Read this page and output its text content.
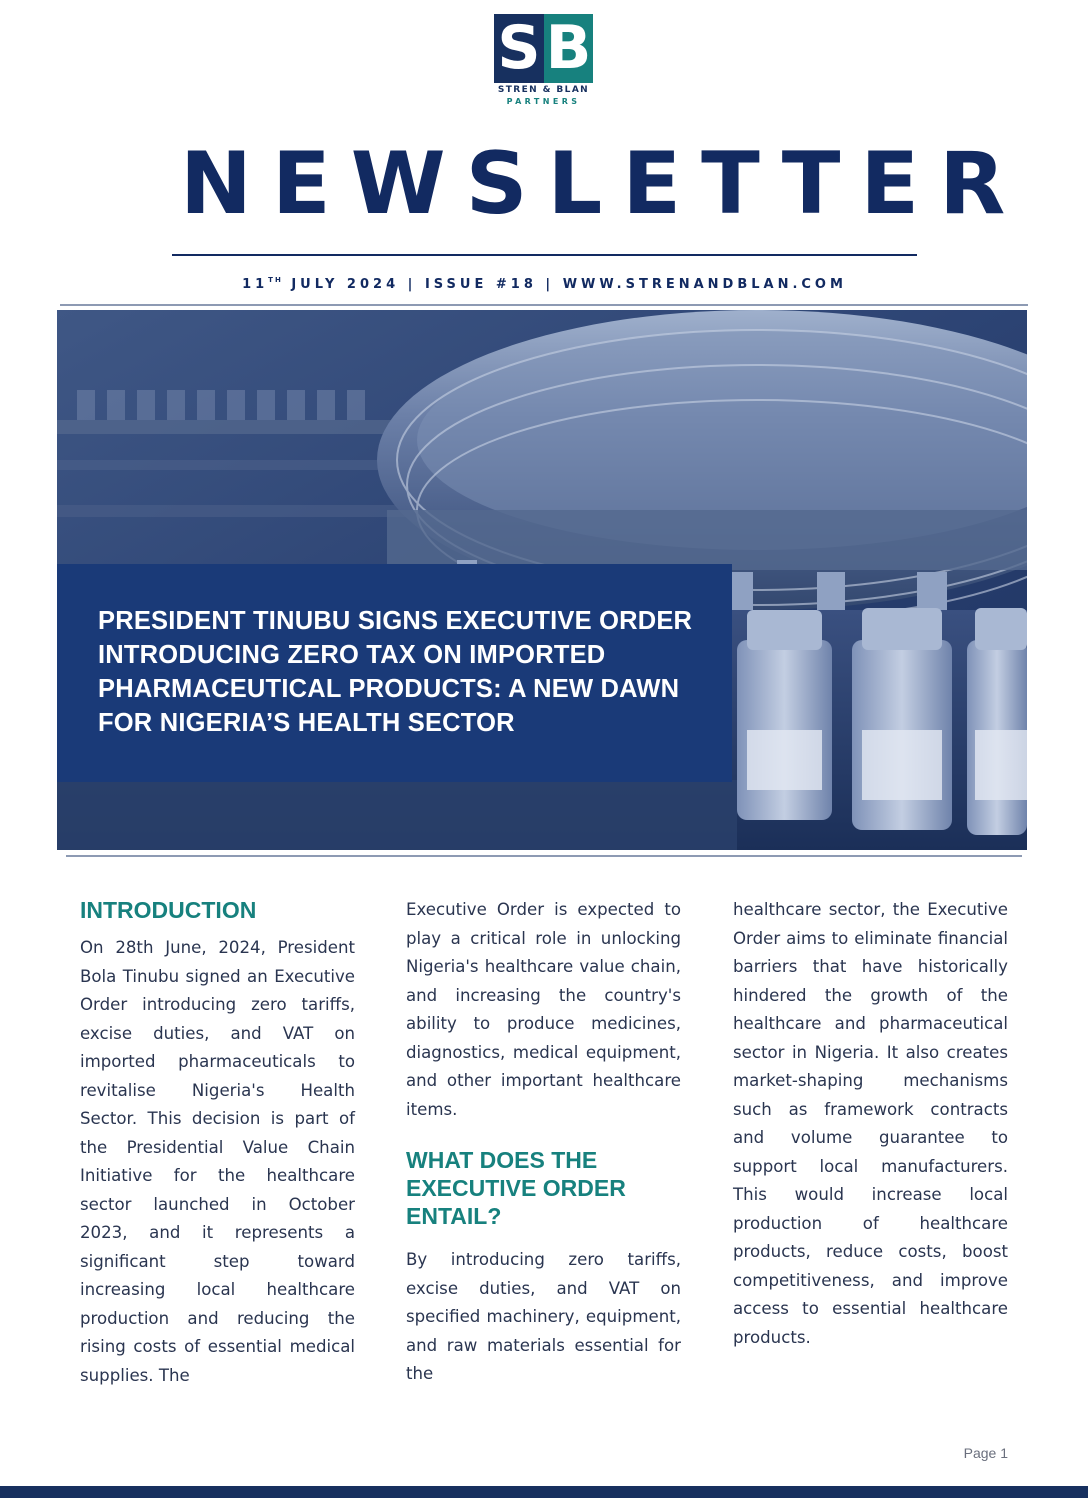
S B
STREN & BLAN
PARTNERS
NEWSLETTER
11TH JULY 2024 | ISSUE #18 | WWW.STRENANDBLAN.COM
PRESIDENT TINUBU SIGNS EXECUTIVE ORDER INTRODUCING ZERO TAX ON IMPORTED PHARMACEUTICAL PRODUCTS: A NEW DAWN FOR NIGERIA’S HEALTH SECTOR
INTRODUCTION

On 28th June, 2024, President Bola Tinubu signed an Executive Order introducing zero tariffs, excise duties, and VAT on imported pharmaceuticals to revitalise Nigeria's Health Sector. This decision is part of the Presidential Value Chain Initiative for the healthcare sector launched in October 2023, and it represents a significant step toward increasing local healthcare production and reducing the rising costs of essential medical supplies. The

Executive Order is expected to play a critical role in unlocking Nigeria's healthcare value chain, and increasing the country's ability to produce medicines, diagnostics, medical equipment, and other important healthcare items.

WHAT DOES THE EXECUTIVE ORDER ENTAIL?

By introducing zero tariffs, excise duties, and VAT on specified machinery, equipment, and raw materials essential for the

healthcare sector, the Executive Order aims to eliminate financial barriers that have historically hindered the growth of the healthcare and pharmaceutical sector in Nigeria. It also creates market-shaping mechanisms such as framework contracts and volume guarantee to support local manufacturers. This would increase local production of healthcare products, reduce costs, boost competitiveness, and improve access to essential healthcare products.

Page 1
